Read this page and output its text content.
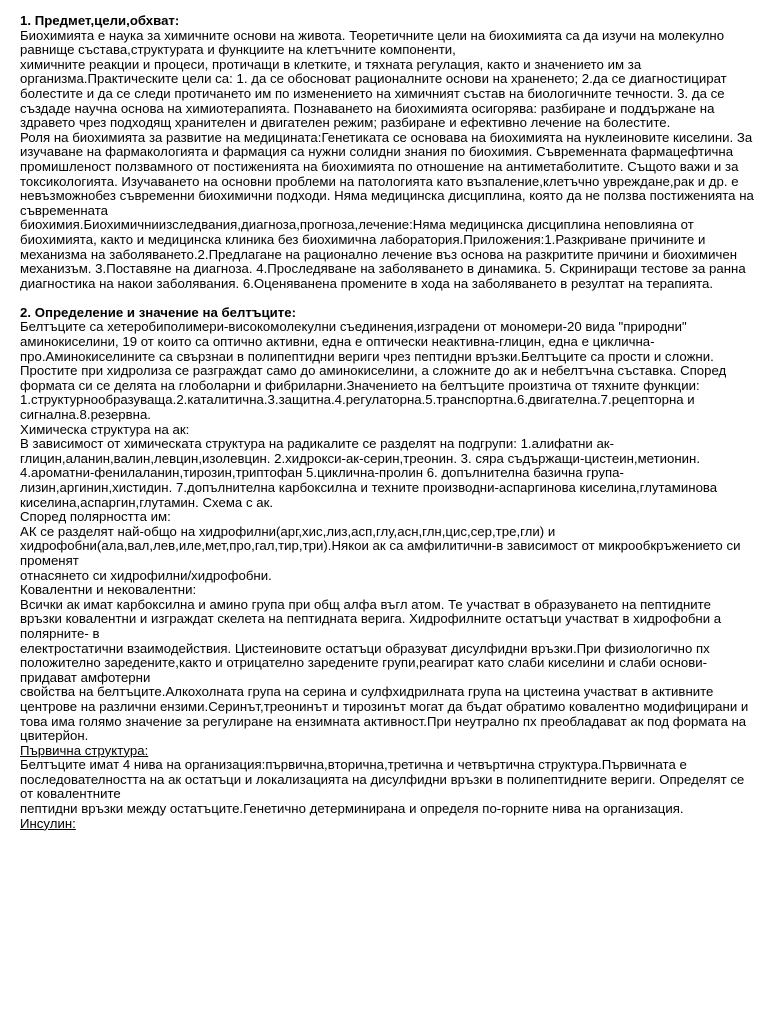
1. Предмет,цели,обхват:
Биохимията е наука за химичните основи на живота. Теоретичните цели на биохимията са да изучи на молекулно равнище състава,структурата и функциите на клетъчните компоненти,
химичните реакции и процеси, протичащи в клетките, и тяхната регулация, както и значението им за организма.Практическите цели са: 1. да се обосноват рационалните основи на храненето; 2.да се диагностицират болестите и да се следи протичането им по изменението на химичният състав на биологичните течности. 3. да се създаде научна основа на химиотерапията. Познаването на биохимията осигорява: разбиране и поддържане на здравето чрез подходящ хранителен и двигателен режим; разбиране и ефективно лечение на болестите.
Роля на биохимията за развитие на медицината:Генетиката се основава на биохимията на нуклеиновите киселини. За изучаване на фармакологията и фармация са нужни солидни знания по биохимия. Съвременната фармацефтична промишленост ползвамного от постиженията на биохимията по отношение на антиметаболитите. Същото важи и за токсикологията. Изучаването на основни проблеми на патологията като възпаление,клетъчно увреждане,рак и др. е невъзможнобез съвременни биохимични подходи. Няма медицинска дисциплина, която да не ползва постиженията на съвременната
биохимия.Биохимичниизследвания,диагноза,прогноза,лечение:Няма медицинска дисциплина неповлияна от биохимията, както и медицинска клиника без биохимична лаборатория.Приложения:1.Разкриване причините и механизма на заболяването.2.Предлагане на рационално лечение въз основа на разкритите причини и биохимичен механизъм. 3.Поставяне на диагноза. 4.Проследяване на заболяването в динамика. 5. Скриниращи тестове за ранна диагностика на накои заболявания. 6.Оценяванена промените в хода на заболяването в резултат на терапията.
2. Определение и значение на белтъците:
Белтъците са хетеробиполимери-високомолекулни съединения,изградени от мономери-20 вида "природни" аминокиселини, 19 от които са оптично активни, една е оптически неактивна-глицин, една е циклична-про.Аминокиселините са свързнаи в полипептидни вериги чрез пептидни връзки.Белтъците са прости и сложни.
Простите при хидролиза се разграждат само до аминокиселини, а сложните до ак и небелтъчна съставка. Според формата си се делята на глоболарни и фибриларни.Значението на белтъците произтича от тяхните функции:
1.структурнообразуваща.2.каталитична.3.защитна.4.регулаторна.5.транспортна.6.двигателна.7.рецепторна и сигнална.8.резервна.
Химическа структура на ак:
В зависимост от химическата структура на радикалите се разделят на подгрупи: 1.алифатни ак-глицин,аланин,валин,левцин,изолевцин. 2.хидрокси-ак-серин,треонин. 3. сяра съдържащи-цистеин,метионин.
4.ароматни-фенилаланин,тирозин,триптофан 5.циклична-пролин 6. допълнителна базична група-лизин,аргинин,хистидин. 7.допълнителна карбоксилна и техните производни-аспаргинова киселина,глутаминова
киселина,аспаргин,глутамин. Схема с ак.
Според полярността им:
АК се разделят най-общо на хидрофилни(арг,хис,лиз,асп,глу,асн,глн,цис,сер,тре,гли) и хидрофобни(ала,вал,лев,иле,мет,про,гал,тир,три).Някои ак са амфилитични-в зависимост от микрообкръжението си променят
отнасянето си хидрофилни/хидрофобни.
Ковалентни и нековалентни:
Всички ак имат карбоксилна и амино група при общ алфа въгл атом. Те участват в образуването на пептидните връзки ковалентни и изграждат скелета на пептидната верига. Хидрофилните остатъци участват в хидрофобни а полярните- в
електростатични взаимодействия. Цистеиновите остатъци образуват дисулфидни връзки.При физиологично пх положително заредените,както и отрицателно заредените групи,реагират като слаби киселини и слаби основи-придават амфотерни
свойства на белтъците.Алкохолната група на серина и сулфхидрилната група на цистеина участват в активните центрове на различни ензими.Серинът,треонинът и тирозинът могат да бъдат обратимо ковалентно модифицирани и това има голямо значение за регулиране на ензимната активност.При неутрално пх преобладават ак под формата на цвитерйон.
Първична структура:
Белтъците имат 4 нива на организация:първична,вторична,третична и четвъртична структура.Първичната е последователността на ак остатъци и локализацията на дисулфидни връзки в полипептидните вериги. Определят се от ковалентните
пептидни връзки между остатъците.Генетично детерминирана и определя по-горните нива на организация.
Инсулин:
